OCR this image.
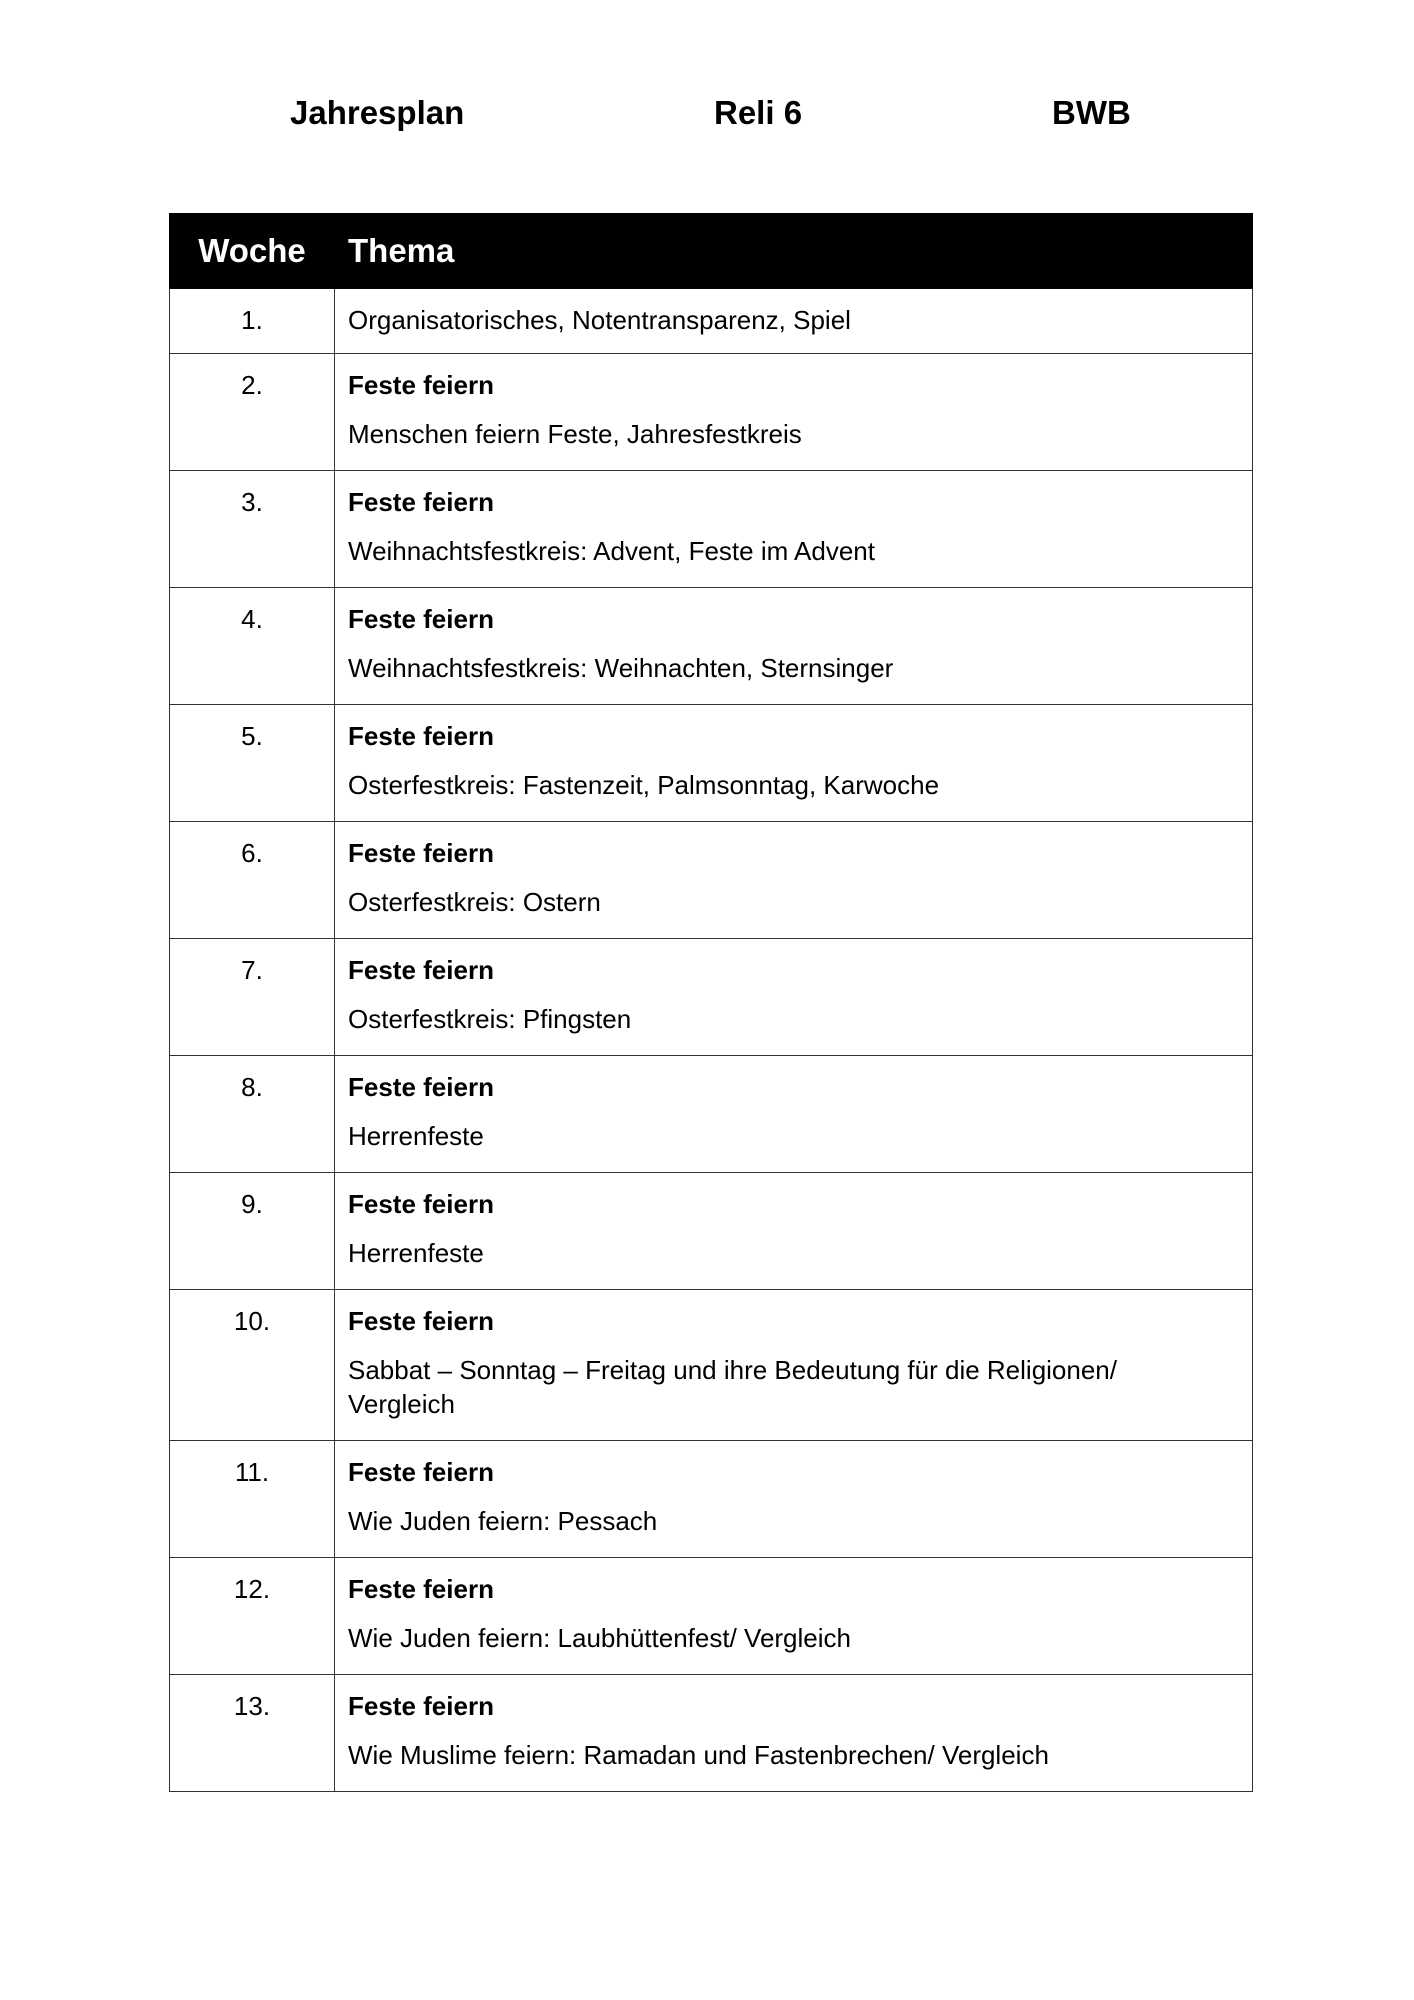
Jahresplan	Reli 6	BWB
Woche	Thema
1.	Organisatorisches, Notentransparenz, Spiel

2.	Feste feiern
Menschen feiern Feste, Jahresfestkreis

3.	Feste feiern
Weihnachtsfestkreis: Advent, Feste im Advent

4.	Feste feiern
Weihnachtsfestkreis: Weihnachten, Sternsinger

5.	Feste feiern
Osterfestkreis: Fastenzeit, Palmsonntag, Karwoche

6.	Feste feiern
Osterfestkreis: Ostern

7.	Feste feiern
Osterfestkreis: Pfingsten

8.	Feste feiern
Herrenfeste

9.	Feste feiern
Herrenfeste

10.	Feste feiern
Sabbat – Sonntag – Freitag und ihre Bedeutung für die Religionen/ Vergleich

11.	Feste feiern
Wie Juden feiern: Pessach

12.	Feste feiern
Wie Juden feiern: Laubhüttenfest/ Vergleich

13.	Feste feiern
Wie Muslime feiern: Ramadan und Fastenbrechen/ Vergleich
